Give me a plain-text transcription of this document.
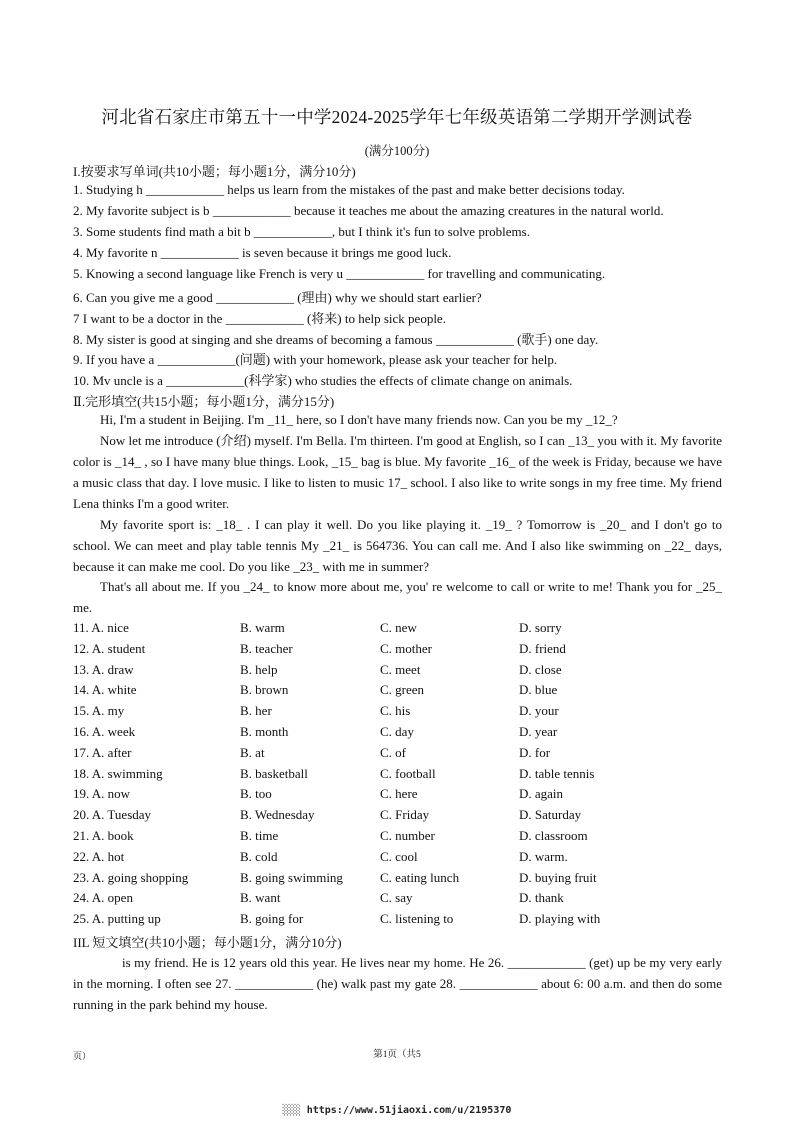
河北省石家庄市第五十一中学2024-2025学年七年级英语第二学期开学测试卷
(满分100分)
I.按要求写单词(共10小题；每小题1分，满分10分)
1. Studying h ____________ helps us learn from the mistakes of the past and make better decisions today.
2. My favorite subject is b ____________ because it teaches me about the amazing creatures in the natural world.
3. Some students find math a bit b ____________, but I think it's fun to solve problems.
4. My favorite n ____________ is seven because it brings me good luck.
5. Knowing a second language like French is very u ____________ for travelling and communicating.
6. Can you give me a good ____________ (理由) why we should start earlier?
7 I want to be a doctor in the ____________ (将来) to help sick people.
8. My sister is good at singing and she dreams of becoming a famous ____________ (歌手) one day.
9. If you have a ____________(问题) with your homework, please ask your teacher for help.
10. Mv uncle is a ____________(科学家) who studies the effects of climate change on animals.
Ⅱ.完形填空(共15小题；每小题1分，满分15分)
Hi, I'm a student in Beijing. I'm _11_ here, so I don't have many friends now. Can you be my _12_?
Now let me introduce (介绍) myself. I'm Bella. I'm thirteen. I'm good at English, so I can _13_ you with it. My favorite color is _14_ , so I have many blue things. Look, _15_ bag is blue. My favorite _16_ of the week is Friday, because we have a music class that day. I love music. I like to listen to music 17_ school. I also like to write songs in my free time. My friend Lena thinks I'm a good writer.
My favorite sport is: _18_ . I can play it well. Do you like playing it. _19_ ? Tomorrow is _20_ and I don't go to school. We can meet and play table tennis My _21_ is 564736. You can call me. And I also like swimming on _22_ days, because it can make me cool. Do you like _23_ with me in summer?
That's all about me. If you _24_ to know more about me, you' re welcome to call or write to me! Thank you for _25_ me.
11. A. nice	B. warm	C. new	D. sorry
12. A. student	B. teacher	C. mother	D. friend
13. A. draw	B. help	C. meet	D. close
14. A. white	B. brown	C. green	D. blue
15. A. my	B. her	C. his	D. your
16. A. week	B. month	C. day	D. year
17. A. after	B. at	C. of	D. for
18. A. swimming	B. basketball	C. football	D. table tennis
19. A. now	B. too	C. here	D. again
20. A. Tuesday	B. Wednesday	C. Friday	D. Saturday
21. A. book	B. time	C. number	D. classroom
22. A. hot	B. cold	C. cool	D. warm.
23. A. going shopping	B. going swimming	C. eating lunch	D. buying fruit
24. A. open	B. want	C. say	D. thank
25. A. putting up	B. going for	C. listening to	D. playing with
IIL 短文填空(共10小题；每小题1分，满分10分)
is my friend. He is 12 years old this year. He lives near my home. He 26. ____________ (get) up be my very early in the morning. I often see 27. ____________ (he) walk past my gate 28. ____________ about 6: 00 a.m. and then do some running in the park behind my house.
页）	第1页（共5
░░░ https://www.51jiaoxi.com/u/2195370
